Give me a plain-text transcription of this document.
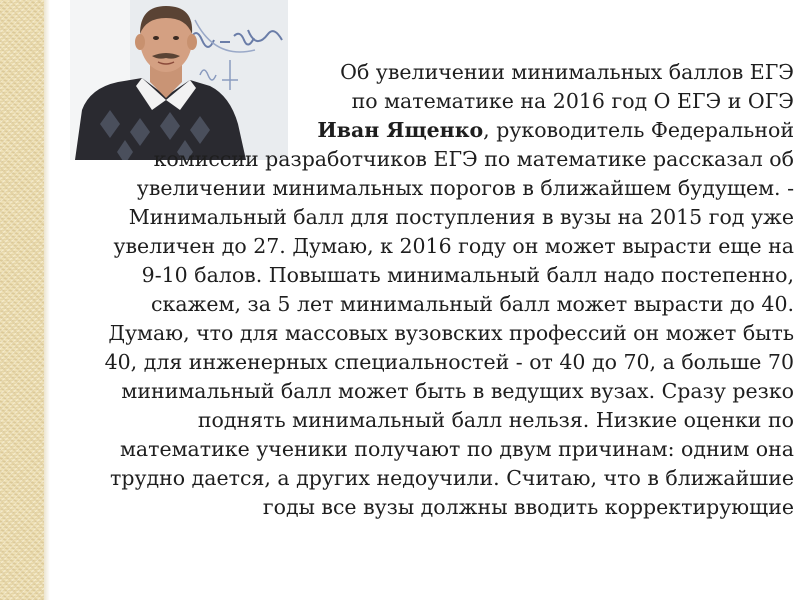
Об увеличении минимальных баллов ЕГЭ
по математике на 2016 год О ЕГЭ и ОГЭ
Иван Ященко, руководитель Федеральной
комиссии разработчиков ЕГЭ по математике рассказал об
увеличении минимальных порогов в ближайшем будущем. -
Минимальный балл для поступления в вузы на 2015 год уже
увеличен до 27. Думаю, к 2016 году он может вырасти еще на
9-10 балов. Повышать минимальный балл надо постепенно,
скажем, за 5 лет минимальный балл может вырасти до 40.
Думаю, что для массовых вузовских профессий он может быть
40, для инженерных специальностей - от 40 до 70, а больше 70
минимальный балл может быть в ведущих вузах. Сразу резко
поднять минимальный балл нельзя. Низкие оценки по
математике ученики получают по двум причинам: одним она
трудно дается, а других недоучили. Считаю, что в ближайшие
годы все вузы должны вводить корректирующие
